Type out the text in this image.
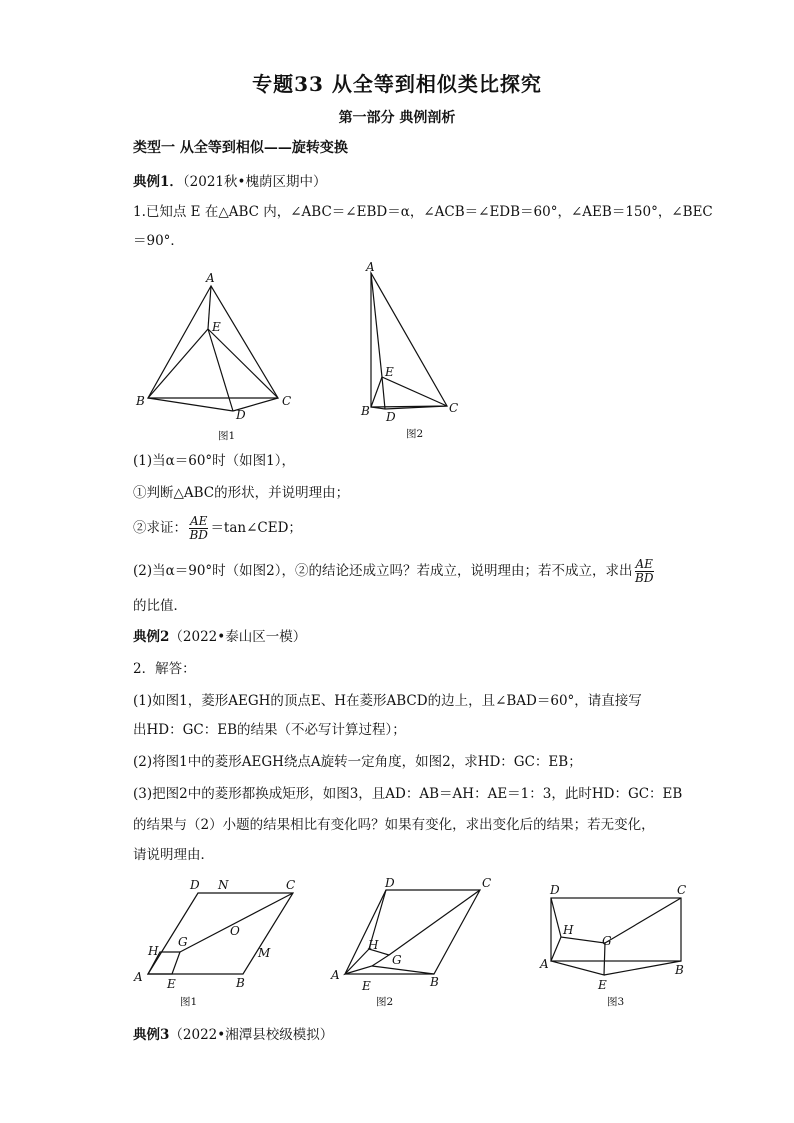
专题33 从全等到相似类比探究
第一部分 典例剖析
类型一 从全等到相似——旋转变换
典例1．（2021秋•槐荫区期中）
1.已知点 E 在△ABC 内，∠ABC＝∠EBD＝α，∠ACB＝∠EDB＝60°，∠AEB＝150°，∠BEC
＝90°．
A
E
B	C
D
图1
A
E
B D
C
图2
(1)当α＝60°时（如图1），
①判断△ABC的形状，并说明理由；
②求证： $\frac{AE}{BD}$ ＝tan∠CED；
(2)当α＝90°时（如图2），②的结论还成立吗？若成立，说明理由；若不成立，求出 $\frac{AE}{BD}$
的比值．
典例2（2022•泰山区一模）
2．解答：
(1)如图1，菱形AEGH的顶点E、H在菱形ABCD的边上，且∠BAD＝60°，请直接写
出HD：GC：EB的结果（不必写计算过程）；
(2)将图1中的菱形AEGH绕点A旋转一定角度，如图2，求HD：GC：EB；
(3)把图2中的菱形都换成矩形，如图3，且AD：AB＝AH：AE＝1：3，此时HD：GC：EB
的结果与（2）小题的结果相比有变化吗？如果有变化，求出变化后的结果；若无变化，
请说明理由．
D N	C
O
H
G
M
A E	B
图1
D	C
H
G
A
E	B
图2
D	C
H
G
A
E
B
图3
典例3（2022•湘潭县校级模拟）
